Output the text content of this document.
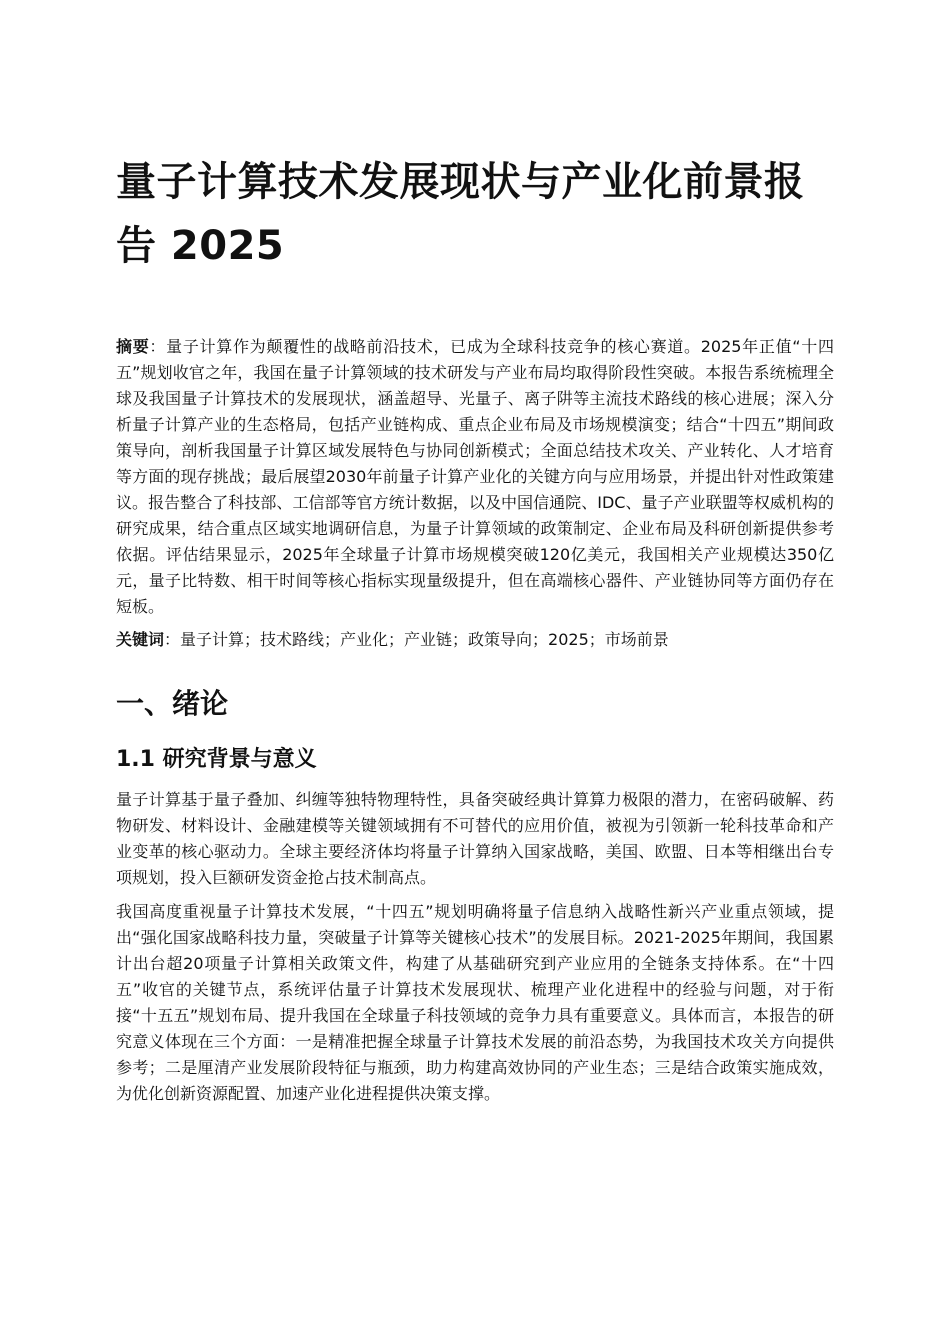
量子计算技术发展现状与产业化前景报告 2025

摘要：量子计算作为颠覆性的战略前沿技术，已成为全球科技竞争的核心赛道。2025年正值“十四五”规划收官之年，我国在量子计算领域的技术研发与产业布局均取得阶段性突破。本报告系统梳理全球及我国量子计算技术的发展现状，涵盖超导、光量子、离子阱等主流技术路线的核心进展；深入分析量子计算产业的生态格局，包括产业链构成、重点企业布局及市场规模演变；结合“十四五”期间政策导向，剖析我国量子计算区域发展特色与协同创新模式；全面总结技术攻关、产业转化、人才培育等方面的现存挑战；最后展望2030年前量子计算产业化的关键方向与应用场景，并提出针对性政策建议。报告整合了科技部、工信部等官方统计数据，以及中国信通院、IDC、量子产业联盟等权威机构的研究成果，结合重点区域实地调研信息，为量子计算领域的政策制定、企业布局及科研创新提供参考依据。评估结果显示，2025年全球量子计算市场规模突破120亿美元，我国相关产业规模达350亿元，量子比特数、相干时间等核心指标实现量级提升，但在高端核心器件、产业链协同等方面仍存在短板。

关键词：量子计算；技术路线；产业化；产业链；政策导向；2025；市场前景

一、绪论
1.1 研究背景与意义

量子计算基于量子叠加、纠缠等独特物理特性，具备突破经典计算算力极限的潜力，在密码破解、药物研发、材料设计、金融建模等关键领域拥有不可替代的应用价值，被视为引领新一轮科技革命和产业变革的核心驱动力。全球主要经济体均将量子计算纳入国家战略，美国、欧盟、日本等相继出台专项规划，投入巨额研发资金抢占技术制高点。

我国高度重视量子计算技术发展，“十四五”规划明确将量子信息纳入战略性新兴产业重点领域，提出“强化国家战略科技力量，突破量子计算等关键核心技术”的发展目标。2021-2025年期间，我国累计出台超20项量子计算相关政策文件，构建了从基础研究到产业应用的全链条支持体系。在“十四五”收官的关键节点，系统评估量子计算技术发展现状、梳理产业化进程中的经验与问题，对于衔接“十五五”规划布局、提升我国在全球量子科技领域的竞争力具有重要意义。具体而言，本报告的研究意义体现在三个方面：一是精准把握全球量子计算技术发展的前沿态势，为我国技术攻关方向提供参考；二是厘清产业发展阶段特征与瓶颈，助力构建高效协同的产业生态；三是结合政策实施成效，为优化创新资源配置、加速产业化进程提供决策支撑。
